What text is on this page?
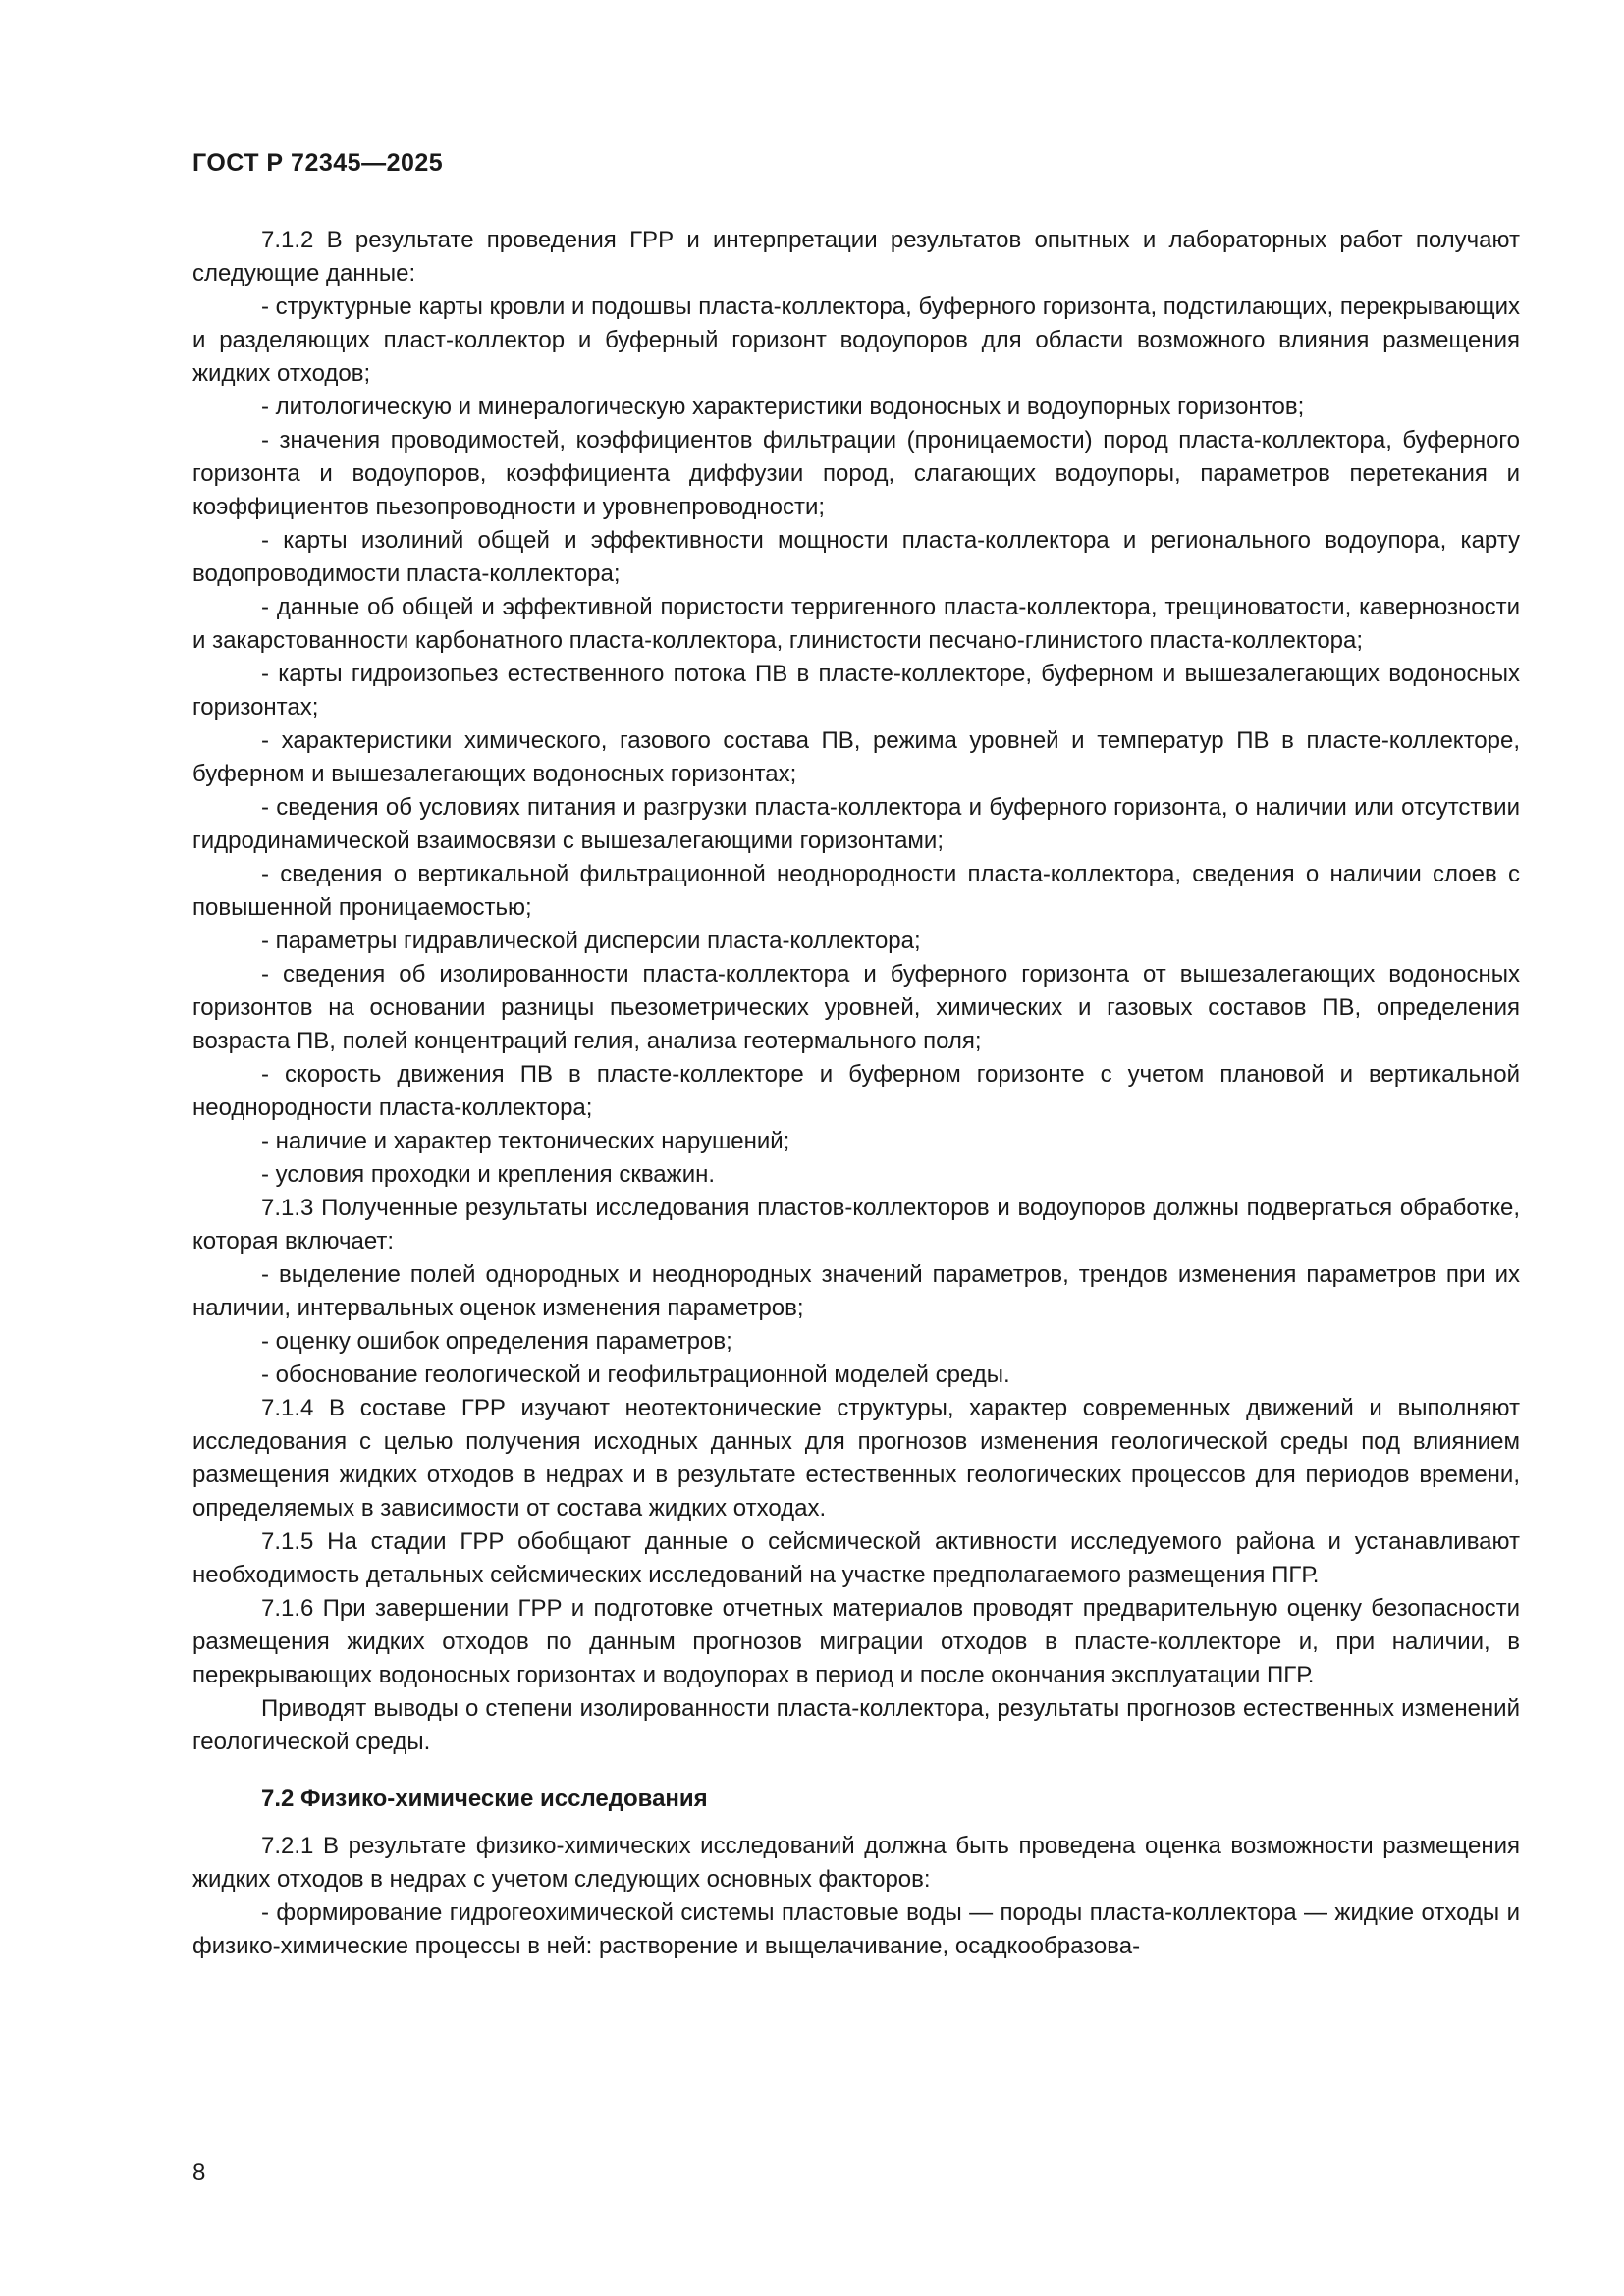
ГОСТ Р 72345—2025

7.1.2 В результате проведения ГРР и интерпретации результатов опытных и лабораторных работ получают следующие данные:

- структурные карты кровли и подошвы пласта-коллектора, буферного горизонта, подстилающих, перекрывающих и разделяющих пласт-коллектор и буферный горизонт водоупоров для области возможного влияния размещения жидких отходов;

- литологическую и минералогическую характеристики водоносных и водоупорных горизонтов;

- значения проводимостей, коэффициентов фильтрации (проницаемости) пород пласта-коллектора, буферного горизонта и водоупоров, коэффициента диффузии пород, слагающих водоупоры, параметров перетекания и коэффициентов пьезопроводности и уровнепроводности;

- карты изолиний общей и эффективности мощности пласта-коллектора и регионального водоупора, карту водопроводимости пласта-коллектора;

- данные об общей и эффективной пористости терригенного пласта-коллектора, трещиноватости, кавернозности и закарстованности карбонатного пласта-коллектора, глинистости песчано-глинистого пласта-коллектора;

- карты гидроизопьез естественного потока ПВ в пласте-коллекторе, буферном и вышезалегающих водоносных горизонтах;

- характеристики химического, газового состава ПВ, режима уровней и температур ПВ в пласте-коллекторе, буферном и вышезалегающих водоносных горизонтах;

- сведения об условиях питания и разгрузки пласта-коллектора и буферного горизонта, о наличии или отсутствии гидродинамической взаимосвязи с вышезалегающими горизонтами;

- сведения о вертикальной фильтрационной неоднородности пласта-коллектора, сведения о наличии слоев с повышенной проницаемостью;

- параметры гидравлической дисперсии пласта-коллектора;

- сведения об изолированности пласта-коллектора и буферного горизонта от вышезалегающих водоносных горизонтов на основании разницы пьезометрических уровней, химических и газовых составов ПВ, определения возраста ПВ, полей концентраций гелия, анализа геотермального поля;

- скорость движения ПВ в пласте-коллекторе и буферном горизонте с учетом плановой и вертикальной неоднородности пласта-коллектора;

- наличие и характер тектонических нарушений;

- условия проходки и крепления скважин.

7.1.3 Полученные результаты исследования пластов-коллекторов и водоупоров должны подвергаться обработке, которая включает:

- выделение полей однородных и неоднородных значений параметров, трендов изменения параметров при их наличии, интервальных оценок изменения параметров;

- оценку ошибок определения параметров;

- обоснование геологической и геофильтрационной моделей среды.

7.1.4 В составе ГРР изучают неотектонические структуры, характер современных движений и выполняют исследования с целью получения исходных данных для прогнозов изменения геологической среды под влиянием размещения жидких отходов в недрах и в результате естественных геологических процессов для периодов времени, определяемых в зависимости от состава жидких отходах.

7.1.5 На стадии ГРР обобщают данные о сейсмической активности исследуемого района и устанавливают необходимость детальных сейсмических исследований на участке предполагаемого размещения ПГР.

7.1.6 При завершении ГРР и подготовке отчетных материалов проводят предварительную оценку безопасности размещения жидких отходов по данным прогнозов миграции отходов в пласте-коллекторе и, при наличии, в перекрывающих водоносных горизонтах и водоупорах в период и после окончания эксплуатации ПГР.

Приводят выводы о степени изолированности пласта-коллектора, результаты прогнозов естественных изменений геологической среды.

7.2 Физико-химические исследования

7.2.1 В результате физико-химических исследований должна быть проведена оценка возможности размещения жидких отходов в недрах с учетом следующих основных факторов:

- формирование гидрогеохимической системы пластовые воды — породы пласта-коллектора — жидкие отходы и физико-химические процессы в ней: растворение и выщелачивание, осадкообразова-

8
